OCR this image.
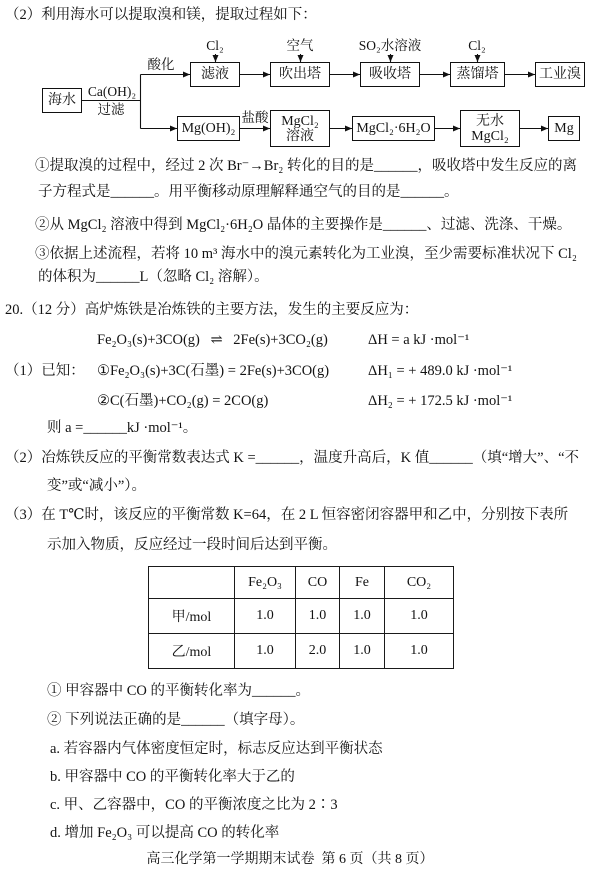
（2）利用海水可以提取溴和镁，提取过程如下：
海水
Ca(OH)₂
过滤
酸化
Cl₂
滤液
空气
吹出塔
SO₂水溶液
吸收塔
Cl₂
蒸馏塔	工业溴
Mg(OH)₂
盐酸 MgCl₂
溶液	MgCl₂·6H₂O	无水
MgCl₂	Mg
①提取溴的过程中，经过 2 次 Br⁻→Br₂ 转化的目的是______，吸收塔中发生反应的离
子方程式是______。用平衡移动原理解释通空气的目的是______。
②从 MgCl₂ 溶液中得到 MgCl₂·6H₂O 晶体的主要操作是______、过滤、洗涤、干燥。
③依据上述流程，若将 10 m³ 海水中的溴元素转化为工业溴，至少需要标准状况下 Cl₂
的体积为______L（忽略 Cl₂ 溶解）。
20.（12 分）高炉炼铁是冶炼铁的主要方法，发生的主要反应为：
Fe₂O₃(s)+3CO(g) ⇌ 2Fe(s)+3CO₂(g)	ΔH = a kJ ·mol⁻¹
（1）已知： ①Fe₂O₃(s)+3C(石墨) = 2Fe(s)+3CO(g)	ΔH₁ = + 489.0 kJ ·mol⁻¹
②C(石墨)+CO₂(g) = 2CO(g)	ΔH₂ = + 172.5 kJ ·mol⁻¹
则 a =______kJ ·mol⁻¹。
（2）冶炼铁反应的平衡常数表达式 K =______，温度升高后，K 值______（填“增大”、“不
变”或“减小”）。
（3）在 T℃时，该反应的平衡常数 K=64，在 2 L 恒容密闭容器甲和乙中，分别按下表所
示加入物质，反应经过一段时间后达到平衡。
	Fe₂O₃	CO	Fe	CO₂
甲/mol	1.0	1.0	1.0	1.0
乙/mol	1.0	2.0	1.0	1.0
① 甲容器中 CO 的平衡转化率为______。
② 下列说法正确的是______（填字母）。
a. 若容器内气体密度恒定时，标志反应达到平衡状态
b. 甲容器中 CO 的平衡转化率大于乙的
c. 甲、乙容器中，CO 的平衡浓度之比为 2∶3
d. 增加 Fe₂O₃ 可以提高 CO 的转化率
高三化学第一学期期末试卷  第 6 页（共 8 页）
